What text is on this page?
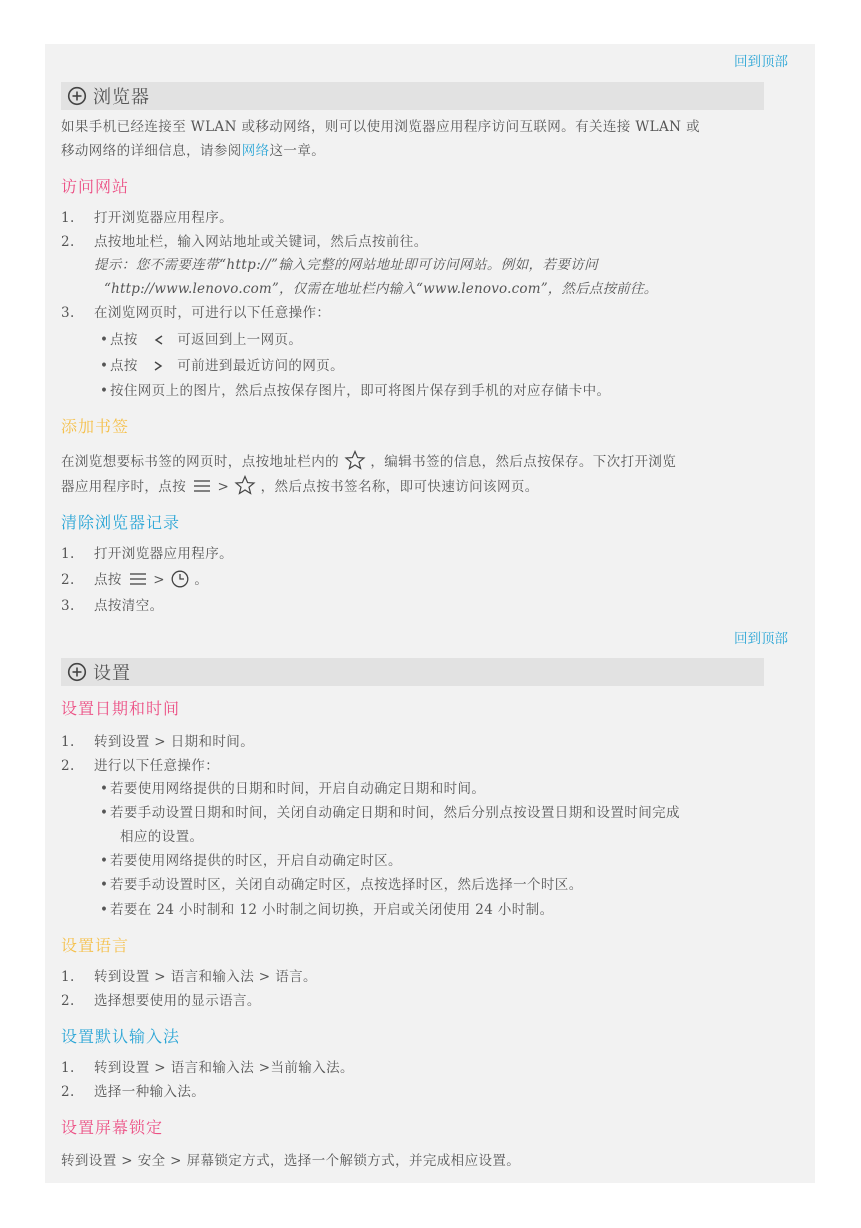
回到顶部
浏览器
如果手机已经连接至 WLAN 或移动网络，则可以使用浏览器应用程序访问互联网。有关连接 WLAN 或
移动网络的详细信息，请参阅网络这一章。
访问网站
1. 打开浏览器应用程序。
2. 点按地址栏，输入网站地址或关键词，然后点按前往。
提示：您不需要连带“http://”输入完整的网站地址即可访问网站。例如，若要访问
“http://www.lenovo.com”，仅需在地址栏内输入“www.lenovo.com”，然后点按前往。
3. 在浏览网页时，可进行以下任意操作：
• 点按	可返回到上一网页。
• 点按	可前进到最近访问的网页。
• 按住网页上的图片，然后点按保存图片，即可将图片保存到手机的对应存储卡中。
添加书签
在浏览想要标书签的网页时，点按地址栏内的 ，编辑书签的信息，然后点按保存。下次打开浏览
器应用程序时，点按 > ，然后点按书签名称，即可快速访问该网页。
清除浏览器记录
1. 打开浏览器应用程序。
2. 点按 > 。
3. 点按清空。
回到顶部
设置
设置日期和时间
1. 转到设置 > 日期和时间。
2. 进行以下任意操作：
• 若要使用网络提供的日期和时间，开启自动确定日期和时间。
• 若要手动设置日期和时间，关闭自动确定日期和时间，然后分别点按设置日期和设置时间完成
相应的设置。
• 若要使用网络提供的时区，开启自动确定时区。
• 若要手动设置时区，关闭自动确定时区，点按选择时区，然后选择一个时区。
• 若要在 24 小时制和 12 小时制之间切换，开启或关闭使用 24 小时制。
设置语言
1. 转到设置 > 语言和输入法 > 语言。
2. 选择想要使用的显示语言。
设置默认输入法
1. 转到设置 > 语言和输入法 >当前输入法。
2. 选择一种输入法。
设置屏幕锁定
转到设置 > 安全 > 屏幕锁定方式，选择一个解锁方式，并完成相应设置。
